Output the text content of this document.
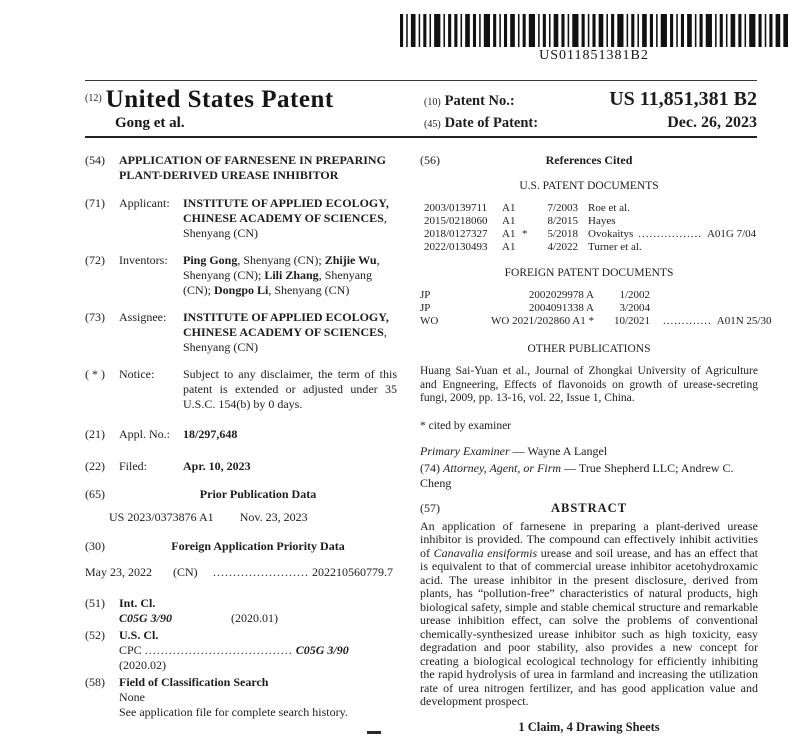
US011851381B2
$^{(12)}$ United States Patent
Gong et al.
(10) Patent No.:	US 11,851,381 B2
(45) Date of Patent:	Dec. 26, 2023
(54)	APPLICATION OF FARNESENE IN PREPARING PLANT-DERIVED UREASE INHIBITOR
(71)	Applicant:	INSTITUTE OF APPLIED ECOLOGY, CHINESE ACADEMY OF SCIENCES, Shenyang (CN)
(72)	Inventors:	Ping Gong, Shenyang (CN); Zhijie Wu, Shenyang (CN); Lili Zhang, Shenyang (CN); Dongpo Li, Shenyang (CN)
(73)	Assignee:	INSTITUTE OF APPLIED ECOLOGY, CHINESE ACADEMY OF SCIENCES, Shenyang (CN)
( * )	Notice:	Subject to any disclaimer, the term of this patent is extended or adjusted under 35 U.S.C. 154(b) by 0 days.
(21)	Appl. No.:	18/297,648
(22)	Filed:	Apr. 10, 2023
(65)	Prior Publication Data
US 2023/0373876 A1 Nov. 23, 2023
(30)	Foreign Application Priority Data
May 23, 2022 (CN) ........................ 202210560779.7
(51)	Int. Cl.
C05G 3/90	(2020.01)
(52)	U.S. Cl.
CPC ..................................... C05G 3/90 (2020.02)
(58)	Field of Classification Search
None
See application file for complete search history.
(56)	References Cited
U.S. PATENT DOCUMENTS
2003/0139711	A1	7/2003 Roe et al.
2015/0218060	A1	8/2015 Hayes
2018/0127327	A1 *	5/2018 Ovokaitys ................. A01G 7/04
2022/0130493	A1	4/2022 Turner et al.
FOREIGN PATENT DOCUMENTS
JP	2002029978 A	1/2002
JP	2004091338 A	3/2004
WO	WO 2021/202860 A1 *	10/2021 ............. A01N 25/30
OTHER PUBLICATIONS
Huang Sai-Yuan et al., Journal of Zhongkai University of Agriculture and Engneering, Effects of flavonoids on growth of urease-secreting fungi, 2009, pp. 13-16, vol. 22, Issue 1, China.
* cited by examiner
Primary Examiner — Wayne A Langel
(74) Attorney, Agent, or Firm — True Shepherd LLC; Andrew C. Cheng
(57)	ABSTRACT
An application of farnesene in preparing a plant-derived urease inhibitor is provided. The compound can effectively inhibit activities of Canavalia ensiformis urease and soil urease, and has an effect that is equivalent to that of commercial urease inhibitor acetohydroxamic acid. The urease inhibitor in the present disclosure, derived from plants, has “pollution-free” characteristics of natural products, high biological safety, simple and stable chemical structure and remarkable urease inhibition effect, can solve the problems of conventional chemically-synthesized urease inhibitor such as high toxicity, easy degradation and poor stability, also provides a new concept for creating a biological ecological technology for efficiently inhibiting the rapid hydrolysis of urea in farmland and increasing the utilization rate of urea nitrogen fertilizer, and has good application value and development prospect.
1 Claim, 4 Drawing Sheets
